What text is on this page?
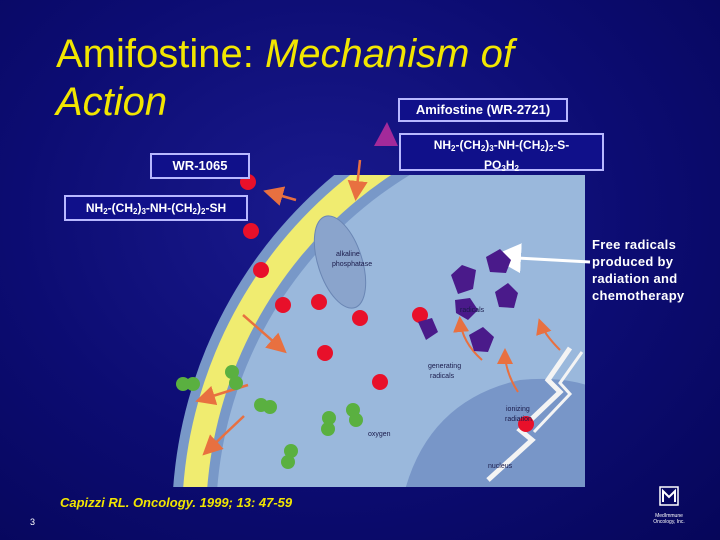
alkaline
phosphatase
radicals
generating
radicals
ionizing
radiation
oxygen
nucleus
Amifostine: Mechanism of
Action	Amifostine (WR-2721)
$NH_2-(CH_2)_3-NH-(CH_2)_2-S-$
$PO_3H_2$
WR-1065
$NH_2-(CH_2)_3-NH-(CH_2)_2-SH$
Free radicals
produced by
radiation and
chemotherapy
Capizzi RL. Oncology. 1999; 13: 47-59
3
MedImmune Oncology, Inc.
